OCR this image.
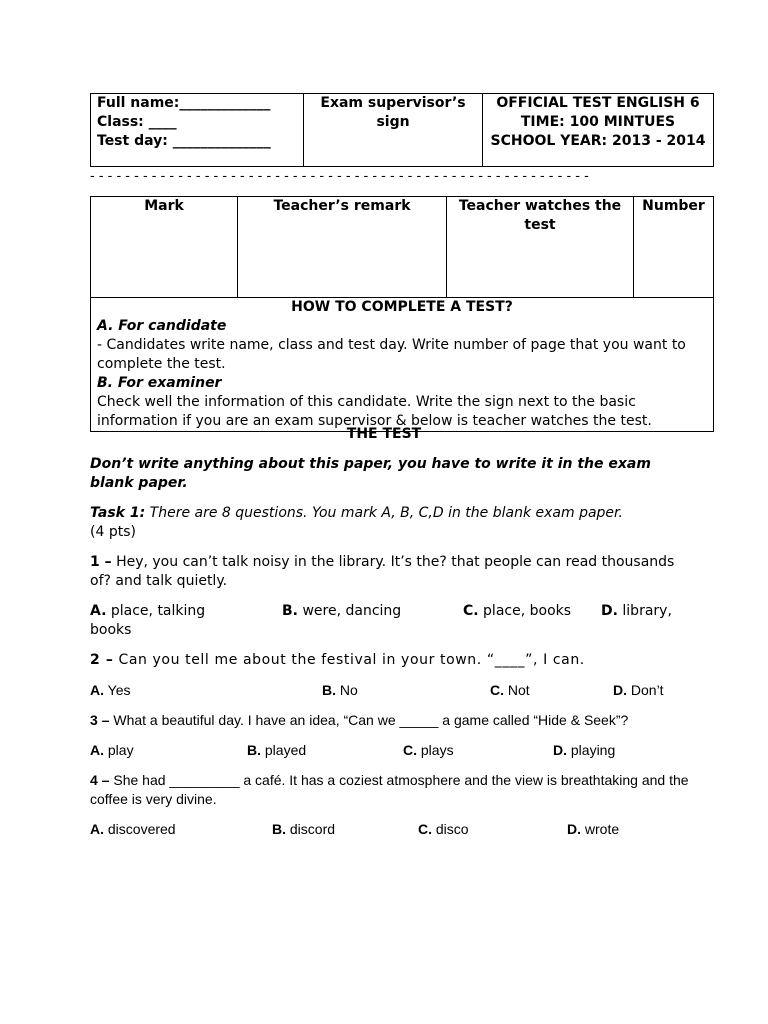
Full name:_____________
Class: ____
Test day: ______________

Exam supervisor’s sign

OFFICIAL TEST ENGLISH 6
TIME: 100 MINTUES
SCHOOL YEAR: 2013 - 2014
- - - - - - - - - - - - - - - - - - - - - - - - - - - - - - - - - - - - - - - - - - - - - - - - - - - - - - - - -
Mark	Teacher’s remark	Teacher watches the test	Number

HOW TO COMPLETE A TEST?
A. For candidate
- Candidates write name, class and test day. Write number of page that you want to complete the test.
B. For examiner
Check well the information of this candidate. Write the sign next to the basic information if you are an exam supervisor & below is teacher watches the test.
THE TEST

Don’t write anything about this paper, you have to write it in the exam blank paper.

Task 1: There are 8 questions. You mark A, B, C,D in the blank exam paper.
(4 pts)

1 – Hey, you can’t talk noisy in the library. It’s the? that people can read thousands of? and talk quietly.

A. place, talking	B. were, dancing	C. place, books D. library, books

2 – Can you tell me about the festival in your town. “____”, I can.

A. Yes	B. No	C. Not	D. Don’t

3 – What a beautiful day. I have an idea, “Can we _____ a game called “Hide & Seek”?

A. play	B. played	C. plays	D. playing

4 – She had _________ a café. It has a coziest atmosphere and the view is breathtaking and the coffee is very divine.

A. discovered	B. discord	C. disco	D. wrote
